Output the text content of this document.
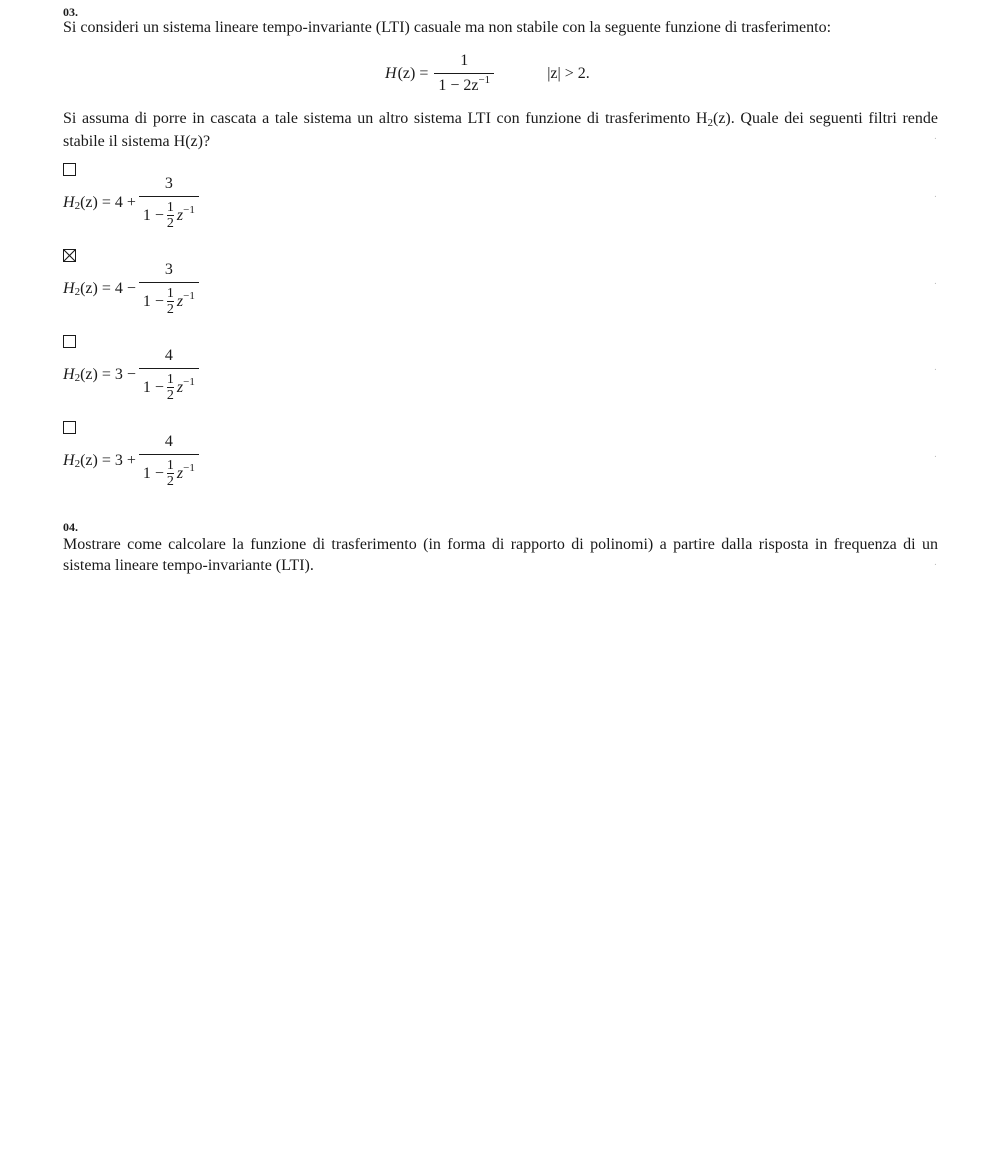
03.
Si consideri un sistema lineare tempo-invariante (LTI) casuale ma non stabile con la seguente funzione di trasferimento:
H $(z) = \frac{1}{1 - 2z^{-1}}$	|z| > 2.
Si assuma di porre in cascata a tale sistema un altro sistema LTI con funzione di trasferimento $H_2(z)$. Quale dei seguenti filtri rende stabile il sistema H(z)?	.
$H_2$ (z) = 4 + 3
1 − 1
2 $z^{-1}$	.
$H_2$ (z) = 4 − 3
1 − 1
2 $z^{-1}$	.
$H_2$ (z) = 3 − 4
1 − 1
2 $z^{-1}$	.
$H_2$ (z) = 3 + 4
1 − 1
2 $z^{-1}$	.
04.
Mostrare come calcolare la funzione di trasferimento (in forma di rapporto di polinomi) a partire dalla risposta in frequenza di un sistema lineare tempo-invariante (LTI).	.
